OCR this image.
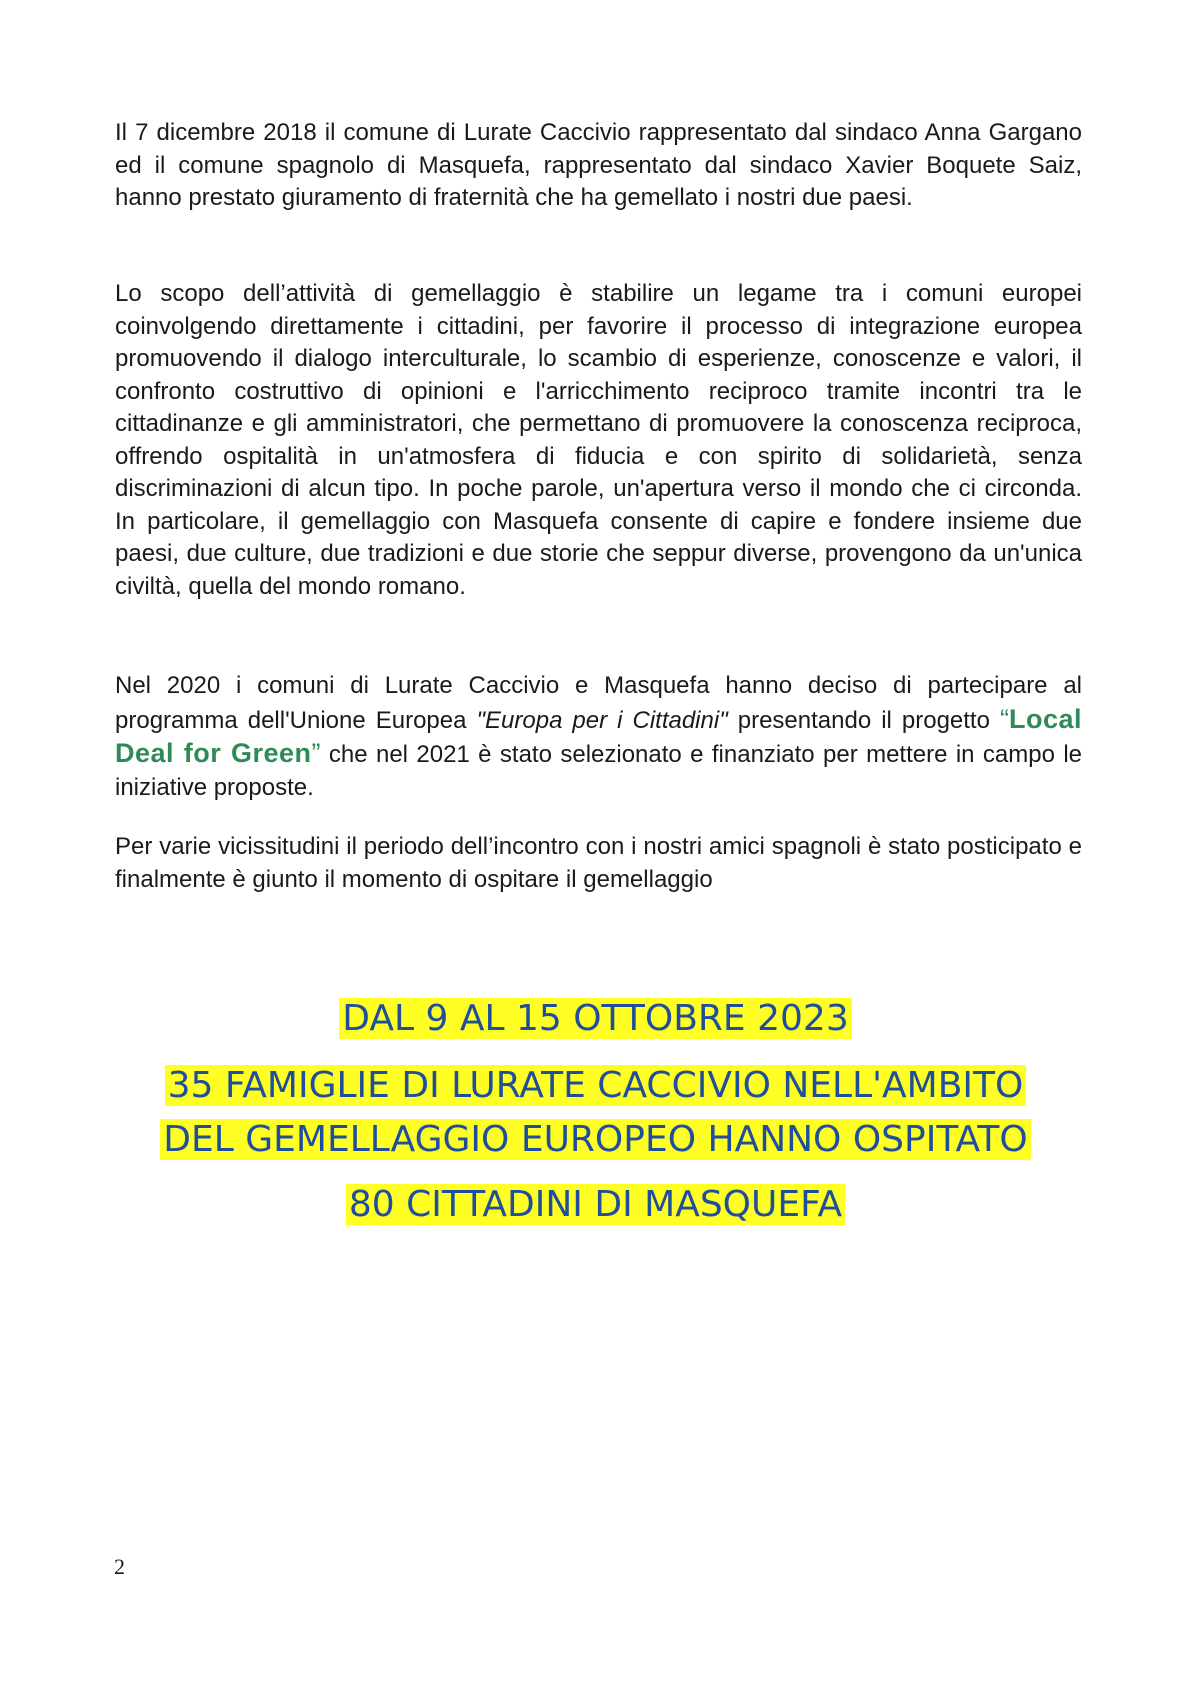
Il 7 dicembre 2018 il comune di Lurate Caccivio rappresentato dal sindaco Anna Gargano ed il comune spagnolo di Masquefa, rappresentato dal sindaco Xavier Boquete Saiz, hanno prestato giuramento di fraternità che ha gemellato i nostri due paesi.

Lo scopo dell’attività di gemellaggio è stabilire un legame tra i comuni europei coinvolgendo direttamente i cittadini, per favorire il processo di integrazione europea promuovendo il dialogo interculturale, lo scambio di esperienze, conoscenze e valori, il confronto costruttivo di opinioni e l'arricchimento reciproco tramite incontri tra le cittadinanze e gli amministratori, che permettano di promuovere la conoscenza reciproca, offrendo ospitalità in un'atmosfera di fiducia e con spirito di solidarietà, senza discriminazioni di alcun tipo. In poche parole, un'apertura verso il mondo che ci circonda. In particolare, il gemellaggio con Masquefa consente di capire e fondere insieme due paesi, due culture, due tradizioni e due storie che seppur diverse, provengono da un'unica civiltà, quella del mondo romano.

Nel 2020 i comuni di Lurate Caccivio e Masquefa hanno deciso di partecipare al programma dell'Unione Europea "Europa per i Cittadini" presentando il progetto “Local Deal for Green” che nel 2021 è stato selezionato e finanziato per mettere in campo le iniziative proposte.

Per varie vicissitudini il periodo dell’incontro con i nostri amici spagnoli è stato posticipato e finalmente è giunto il momento di ospitare il gemellaggio

DAL 9 AL 15 OTTOBRE 2023
35 FAMIGLIE DI LURATE CACCIVIO NELL'AMBITO
DEL GEMELLAGGIO EUROPEO HANNO OSPITATO
80 CITTADINI DI MASQUEFA
2
